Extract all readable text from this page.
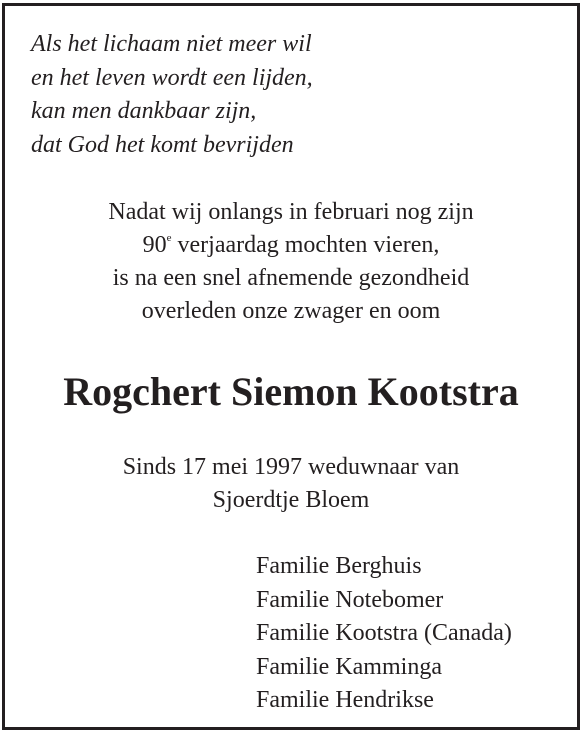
Als het lichaam niet meer wil
en het leven wordt een lijden,
kan men dankbaar zijn,
dat God het komt bevrijden
Nadat wij onlangs in februari nog zijn
90e verjaardag mochten vieren,
is na een snel afnemende gezondheid
overleden onze zwager en oom
Rogchert Siemon Kootstra
Sinds 17 mei 1997 weduwnaar van
Sjoerdtje Bloem
Familie Berghuis
Familie Notebomer
Familie Kootstra (Canada)
Familie Kamminga
Familie Hendrikse
